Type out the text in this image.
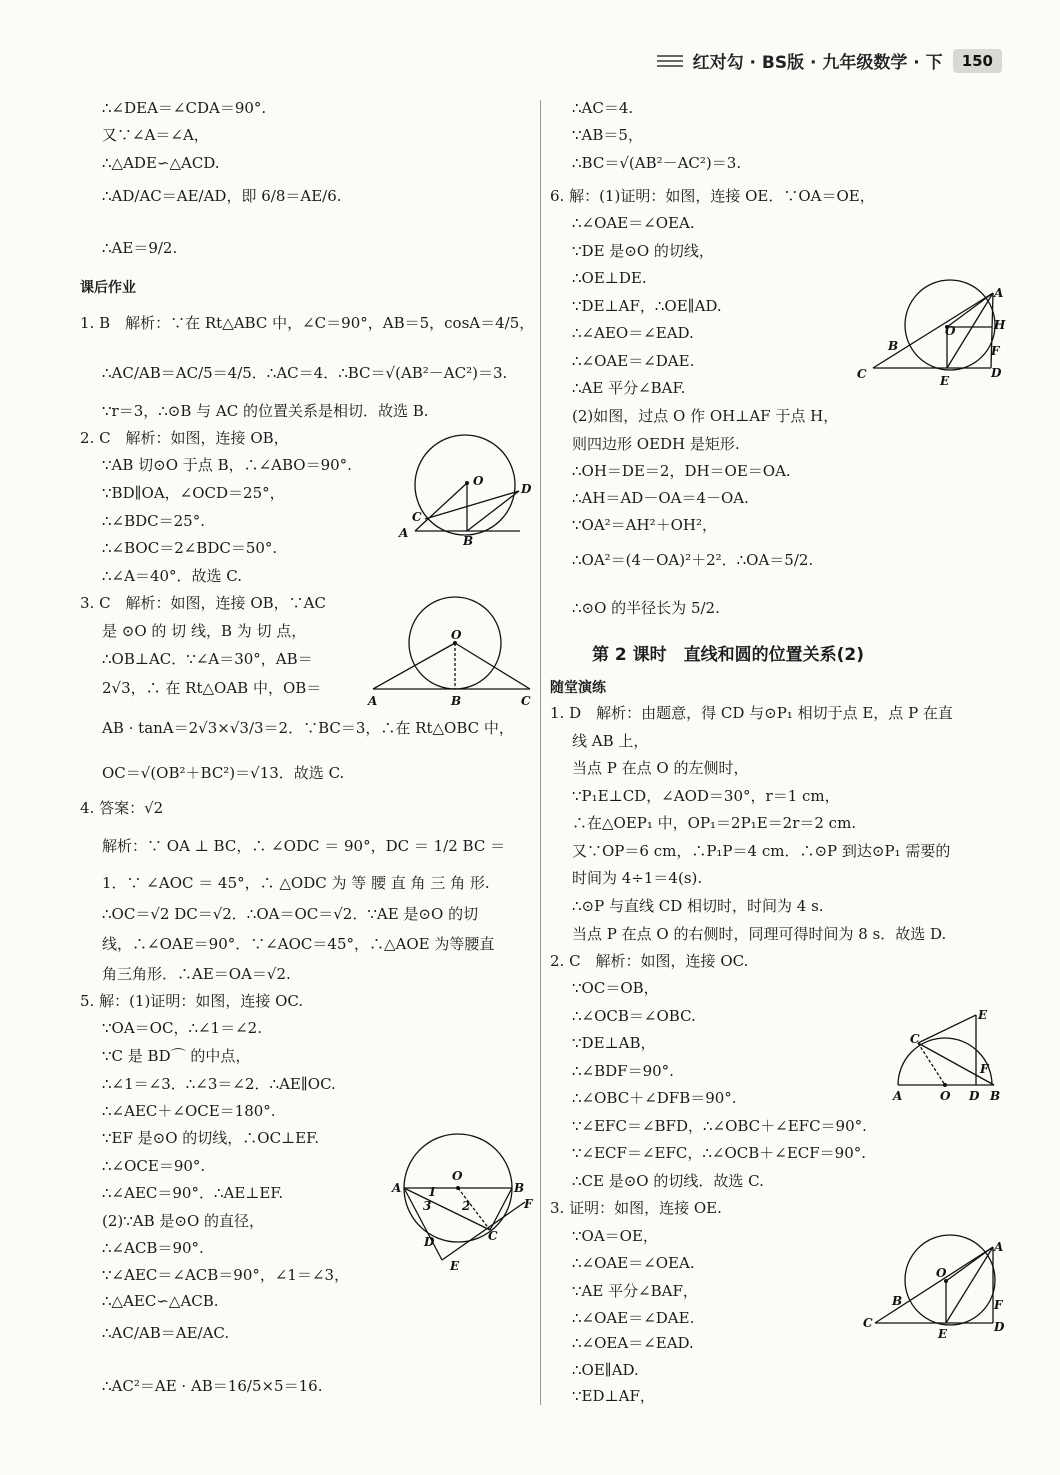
红对勾 · BS版 · 九年级数学 · 下	150
∴∠DEA＝∠CDA＝90°.
又∵∠A＝∠A，
∴△ADE∽△ACD.
∴AD/AC＝AE/AD，即 6/8＝AE/6.
∴AE＝9/2.
课后作业
1. B　解析：∵在 Rt△ABC 中，∠C＝90°，AB＝5，cosA＝4/5，
∴AC/AB＝AC/5＝4/5．∴AC＝4．∴BC＝√(AB²－AC²)＝3.
∵r＝3，∴⊙B 与 AC 的位置关系是相切．故选 B.
2. C　解析：如图，连接 OB，
∵AB 切⊙O 于点 B，∴∠ABO＝90°.
∵BD∥OA，∠OCD＝25°，
∴∠BDC＝25°.
∴∠BOC＝2∠BDC＝50°.
∴∠A＝40°．故选 C.
3. C　解析：如图，连接 OB，∵AC
是 ⊙O 的 切 线，B 为 切 点，
∴OB⊥AC．∵∠A＝30°，AB＝
2√3，∴ 在 Rt△OAB 中，OB＝
AB · tanA＝2√3×√3/3＝2．∵BC＝3，∴在 Rt△OBC 中，
OC＝√(OB²＋BC²)＝√13．故选 C.
4. 答案：√2
解析：∵ OA ⊥ BC，∴ ∠ODC ＝ 90°，DC ＝ 1/2 BC ＝
1．∵ ∠AOC ＝ 45°，∴ △ODC 为 等 腰 直 角 三 角 形.
∴OC＝√2 DC＝√2．∴OA＝OC＝√2．∵AE 是⊙O 的切
线，∴∠OAE＝90°．∵∠AOC＝45°，∴△AOE 为等腰直
角三角形．∴AE＝OA＝√2.
5. 解：(1)证明：如图，连接 OC.
∵OA＝OC，∴∠1＝∠2.
∵C 是 BD⌒ 的中点，
∴∠1＝∠3．∴∠3＝∠2．∴AE∥OC.
∴∠AEC＋∠OCE＝180°.
∵EF 是⊙O 的切线，∴OC⊥EF.
∴∠OCE＝90°.
∴∠AEC＝90°．∴AE⊥EF.
(2)∵AB 是⊙O 的直径，
∴∠ACB＝90°.
∵∠AEC＝∠ACB＝90°，∠1＝∠3，
∴△AEC∽△ACB.
∴AC/AB＝AE/AC.
∴AC²＝AE · AB＝16/5×5＝16.
∴AC＝4.
∵AB＝5，
∴BC＝√(AB²－AC²)＝3.
6. 解：(1)证明：如图，连接 OE．∵OA＝OE，
∴∠OAE＝∠OEA.
∵DE 是⊙O 的切线，
∴OE⊥DE.
∵DE⊥AF，∴OE∥AD.
∴∠AEO＝∠EAD.
∴∠OAE＝∠DAE.
∴AE 平分∠BAF.
(2)如图，过点 O 作 OH⊥AF 于点 H，
则四边形 OEDH 是矩形.
∴OH＝DE＝2，DH＝OE＝OA.
∴AH＝AD－OA＝4－OA.
∵OA²＝AH²＋OH²，
∴OA²＝(4－OA)²＋2²．∴OA＝5/2.
∴⊙O 的半径长为 5/2.
第 2 课时　直线和圆的位置关系(2)
随堂演练
1. D　解析：由题意，得 CD 与⊙P₁ 相切于点 E，点 P 在直
线 AB 上，
当点 P 在点 O 的左侧时，
∵P₁E⊥CD，∠AOD＝30°，r＝1 cm，
∴在△OEP₁ 中，OP₁＝2P₁E＝2r＝2 cm.
又∵OP＝6 cm，∴P₁P＝4 cm．∴⊙P 到达⊙P₁ 需要的
时间为 4÷1＝4(s).
∴⊙P 与直线 CD 相切时，时间为 4 s.
当点 P 在点 O 的右侧时，同理可得时间为 8 s．故选 D.
2. C　解析：如图，连接 OC.
∵OC＝OB，
∴∠OCB＝∠OBC.
∵DE⊥AB，
∴∠BDF＝90°.
∴∠OBC＋∠DFB＝90°.
∵∠EFC＝∠BFD，∴∠OBC＋∠EFC＝90°.
∵∠ECF＝∠EFC，∴∠OCB＋∠ECF＝90°.
∴CE 是⊙O 的切线．故选 C.
3. 证明：如图，连接 OE.
∵OA＝OE，
∴∠OAE＝∠OEA.
∵AE 平分∠BAF，
∴∠OAE＝∠DAE.
∴∠OEA＝∠EAD.
∴OE∥AD.
∵ED⊥AF，
O
D
C
A
B
O
A	B	C
O
A	B
1
3	2	F
C
D
E
A
O	H
B	F
C	E
D
E
C
F
A	O D B
A
O
B	F
C
E	D
